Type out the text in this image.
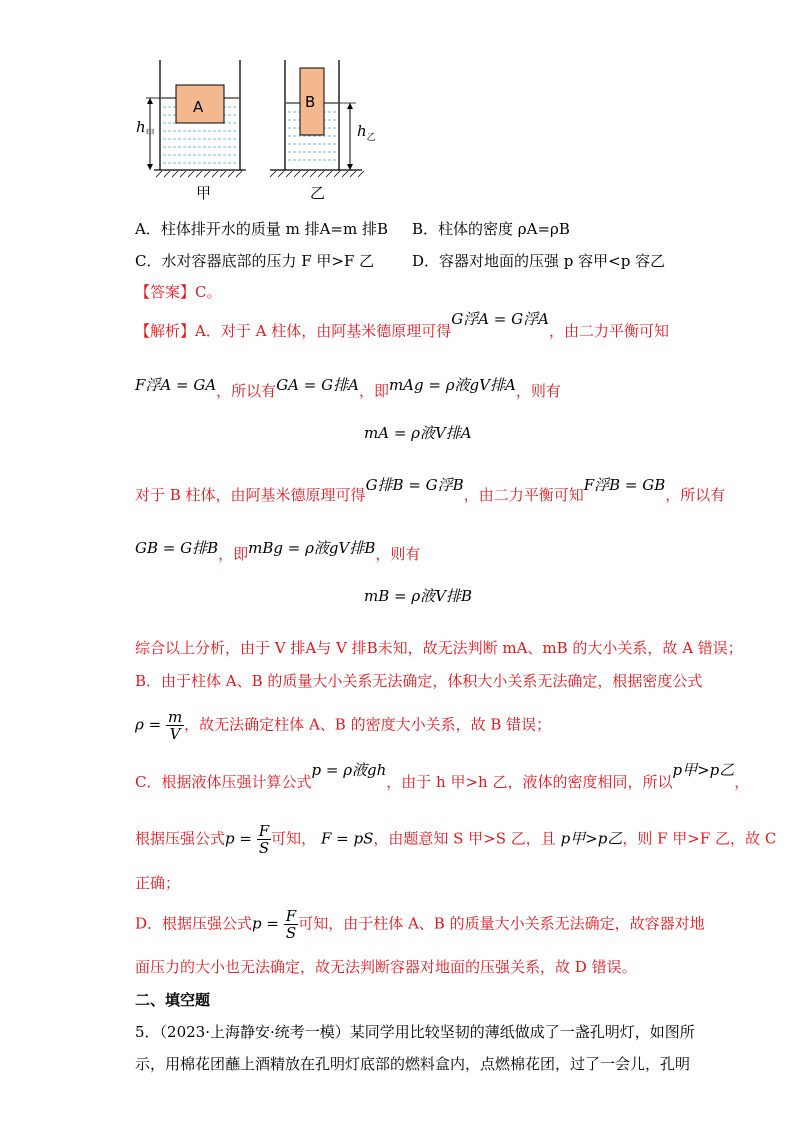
A	B
$h_甲$	$h_乙$
甲	乙
A．柱体排开水的质量 m 排A=m 排B B．柱体的密度 ρA=ρB
C．水对容器底部的压力 F 甲>F 乙	D．容器对地面的压强 p 容甲<p 容乙
【答案】C。
【解析】A．对于 A 柱体，由阿基米德原理可得G浮A = G浮A，由二力平衡可知
F浮A = GA，所以有GA = G排A，即mAg = ρ液gV排A，则有
mA = ρ液V排A
对于 B 柱体，由阿基米德原理可得G排B = G浮B，由二力平衡可知F浮B = GB，所以有
GB = G排B，即mBg = ρ液gV排B，则有
mB = ρ液V排B
综合以上分析，由于 V 排A与 V 排B未知，故无法判断 mA、mB 的大小关系，故 A 错误；
B．由于柱体 A、B 的质量大小关系无法确定，体积大小关系无法确定，根据密度公式
$\rho = \frac{m}{V}$ ，故无法确定柱体 A、B 的密度大小关系，故 B 错误；
C．根据液体压强计算公式p = ρ液gh，由于 h 甲>h 乙，液体的密度相同，所以p甲>p乙，
根据压强公式$p = \frac{F}{S}$ 可知， F = pS，由题意知 S 甲>S 乙，且 p甲>p乙，则 F 甲>F 乙，故 C
正确；
D．根据压强公式$p = \frac{F}{S}$ 可知，由于柱体 A、B 的质量大小关系无法确定，故容器对地
面压力的大小也无法确定，故无法判断容器对地面的压强关系，故 D 错误。
二、填空题
5．（2023·上海静安·统考一模）某同学用比较坚韧的薄纸做成了一盏孔明灯，如图所
示，用棉花团蘸上酒精放在孔明灯底部的燃料盒内，点燃棉花团，过了一会儿，孔明
